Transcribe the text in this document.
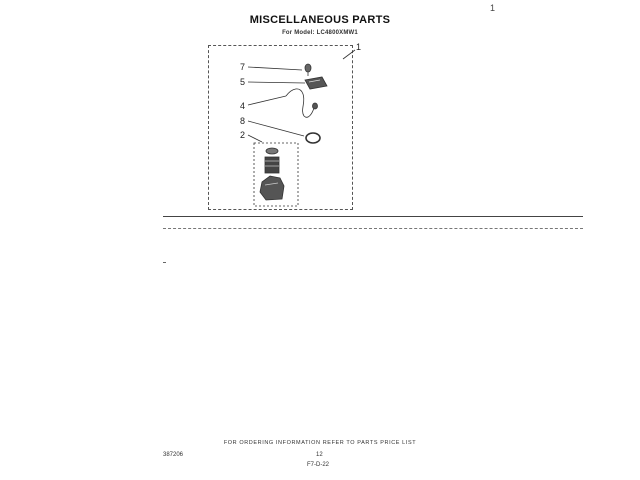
MISCELLANEOUS PARTS
For Model: LC4800XMW1
1
7
5
4
8
2
1
FOR ORDERING INFORMATION REFER TO PARTS PRICE LIST
387206	12
F7-D-22
